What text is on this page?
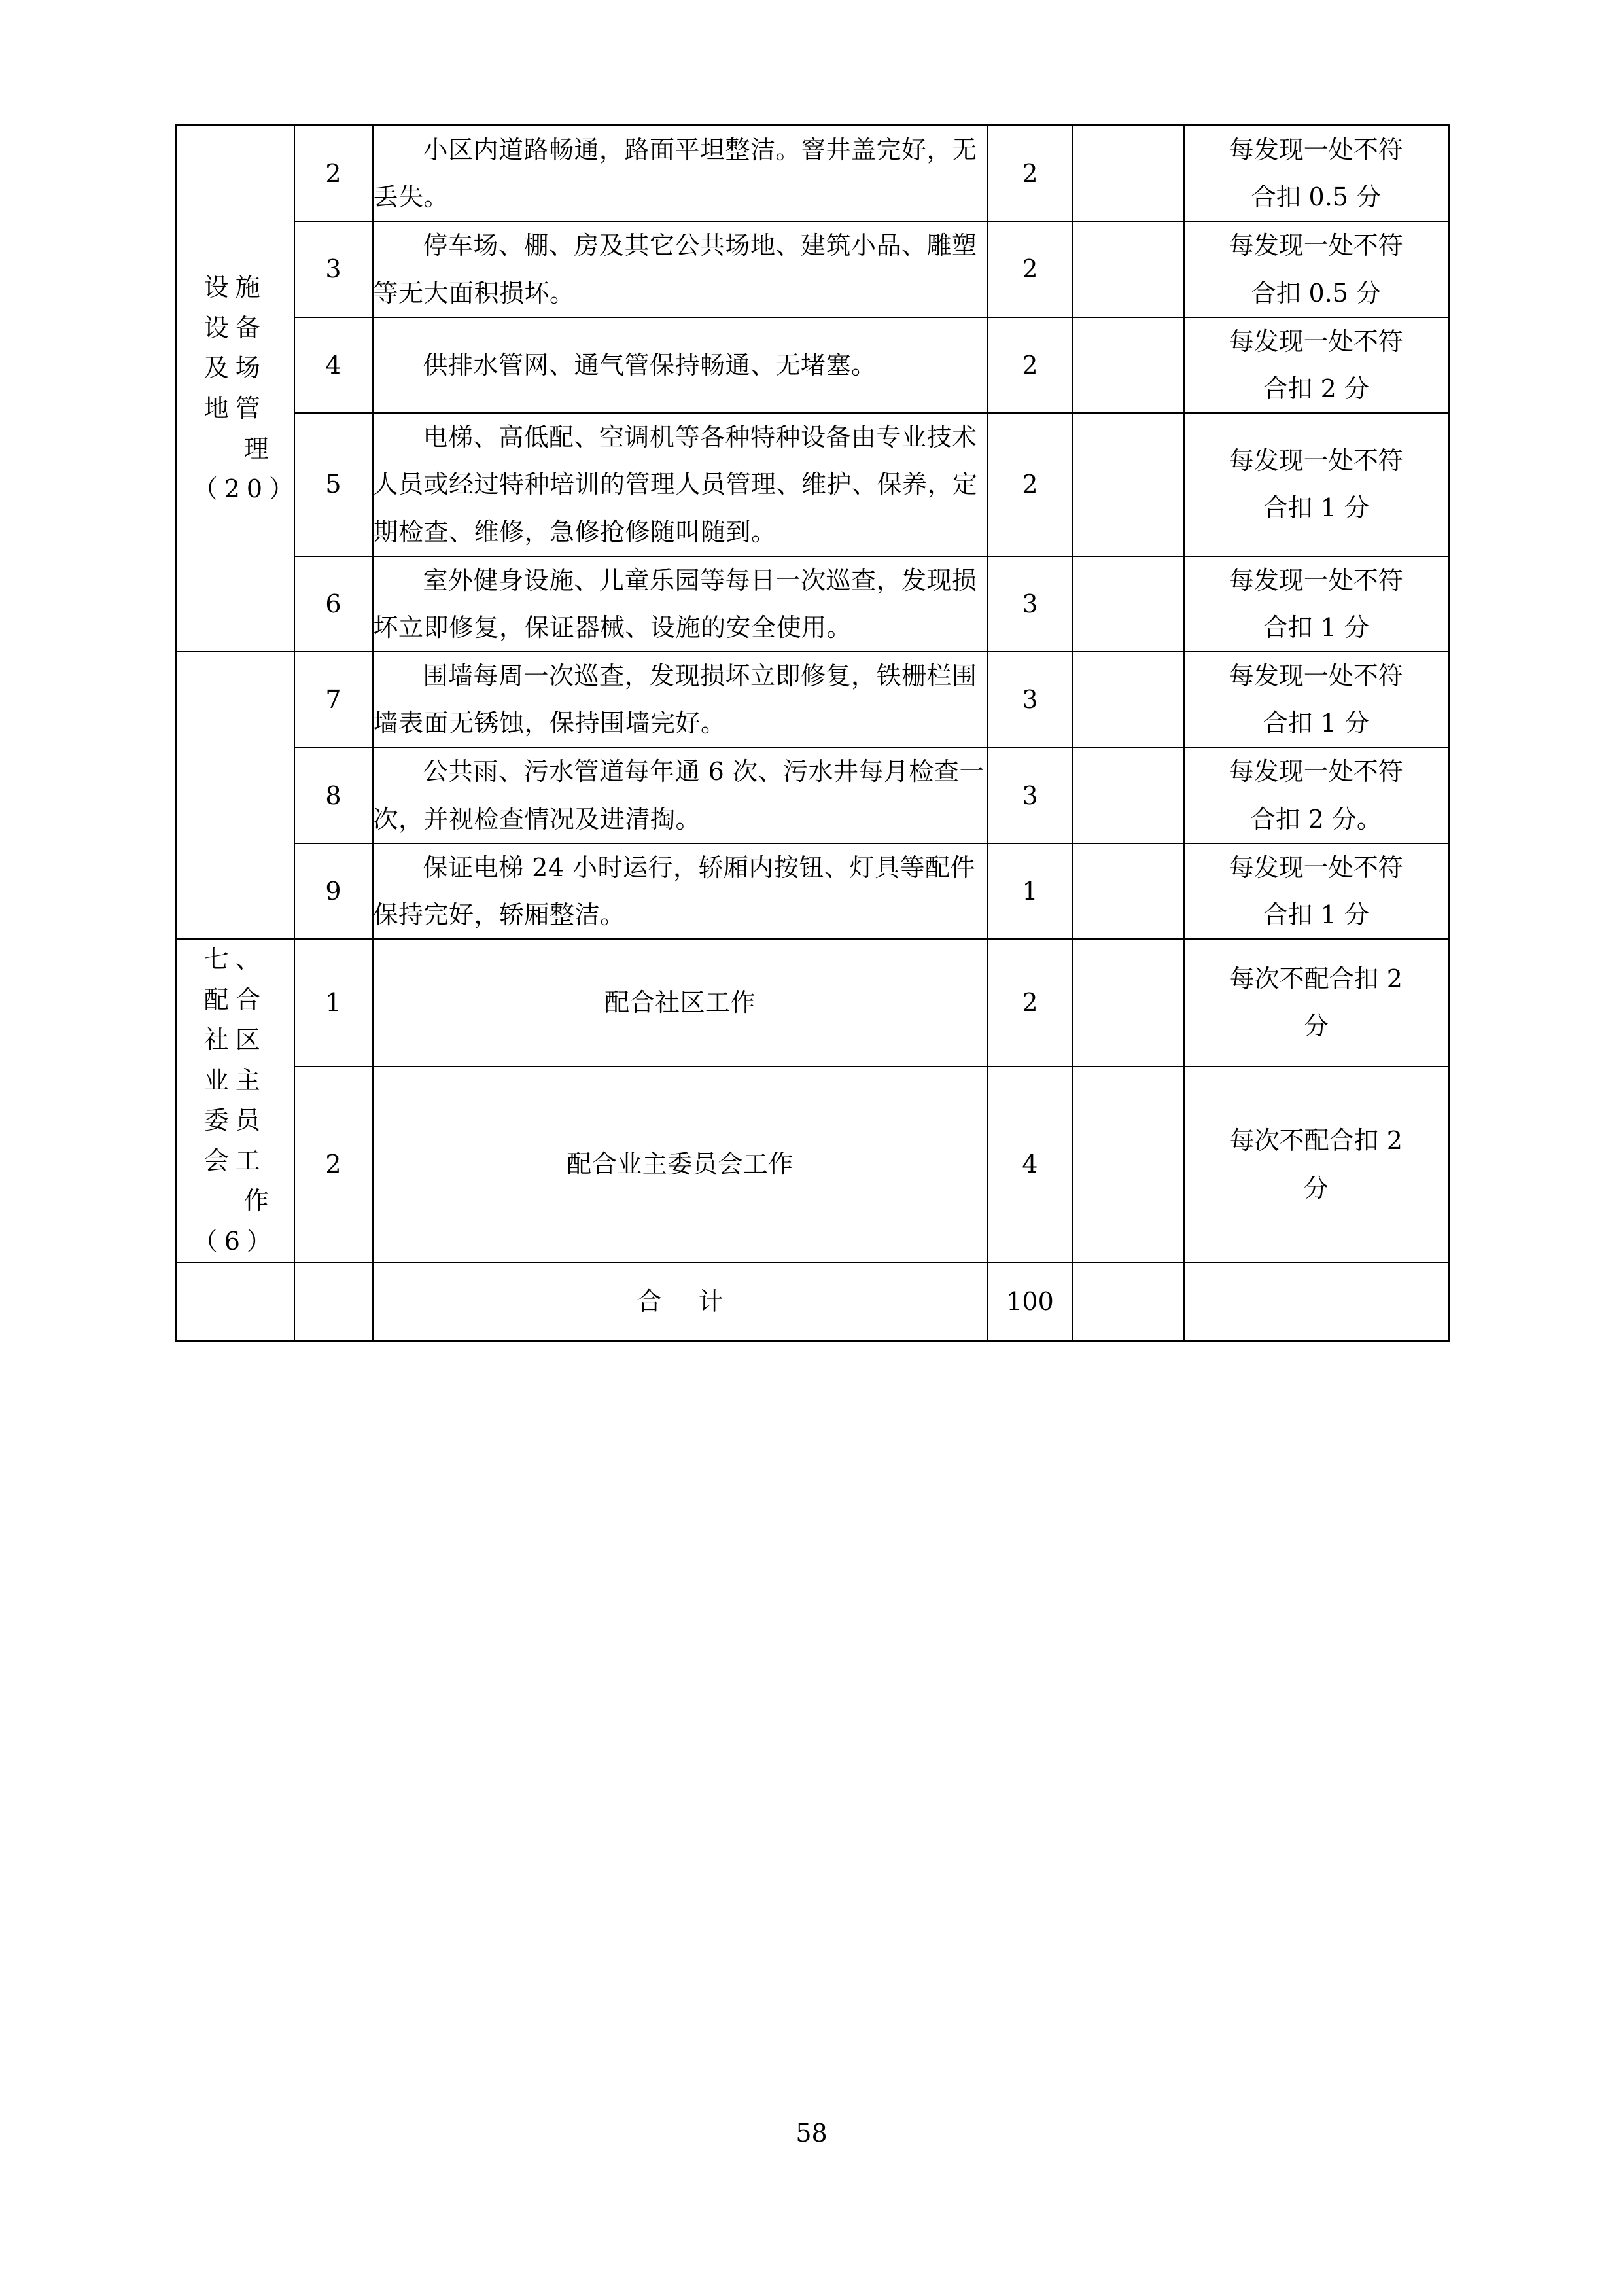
设施
设备
及场
地管
理
（20）
	2	小区内道路畅通，路面平坦整洁。窨井盖完好，无丢失。	2		
每发现一处不符
合扣 0.5 分

	3	停车场、棚、房及其它公共场地、建筑小品、雕塑等无大面积损坏。	2		每发现一处不符
合扣 0.5 分

	4	供排水管网、通气管保持畅通、无堵塞。	2		每发现一处不符
合扣 2 分

	5	电梯、高低配、空调机等各种特种设备由专业技术人员或经过特种培训的管理人员管理、维护、保养，定期检查、维修，急修抢修随叫随到。	2		每发现一处不符
合扣 1 分

	6	室外健身设施、儿童乐园等每日一次巡查，发现损坏立即修复，保证器械、设施的安全使用。	3		每发现一处不符
合扣 1 分

	7	围墙每周一次巡查，发现损坏立即修复，铁栅栏围墙表面无锈蚀，保持围墙完好。	3		每发现一处不符
合扣 1 分

	8	公共雨、污水管道每年通 6 次、污水井每月检查一次，并视检查情况及进清掏。	3		每发现一处不符
合扣 2 分。

	9	保证电梯 24 小时运行，轿厢内按钮、灯具等配件保持完好，轿厢整洁。	1		每发现一处不符
合扣 1 分

七、
配合
社区
业主
委员
会工
作
（6）
	1	配合社区工作	2		
每次不配合扣 2
分

	2	配合业主委员会工作	4		每次不配合扣 2
分

		合 计	100		
58
